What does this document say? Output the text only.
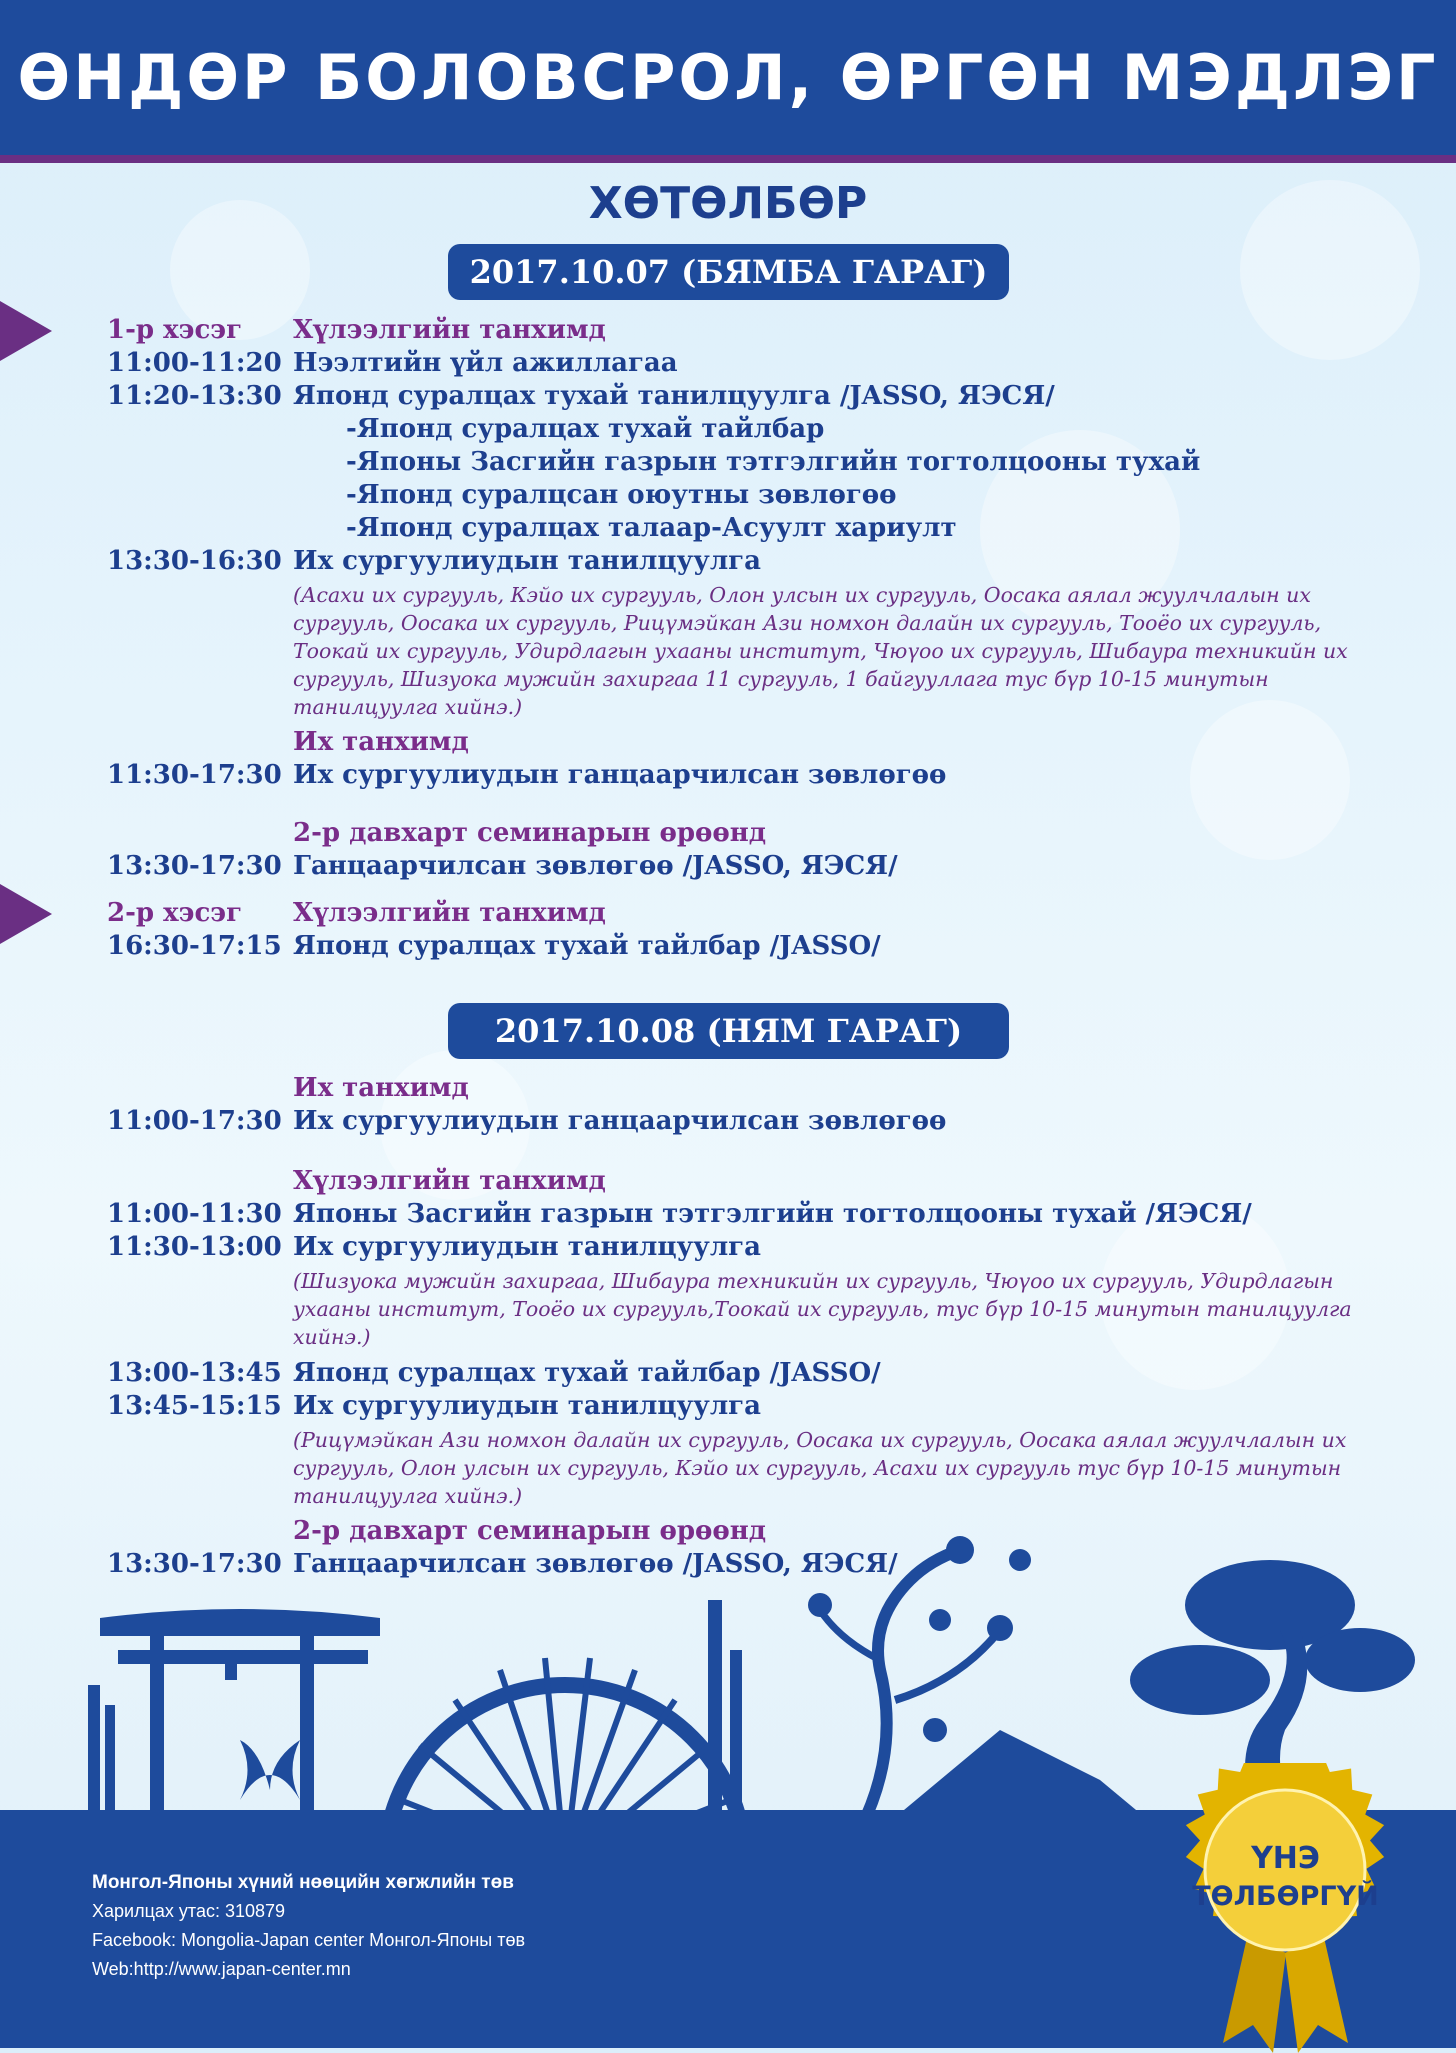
ӨНДӨР БОЛОВСРОЛ, ӨРГӨН МЭДЛЭГ
ХӨТӨЛБӨР
2017.10.07 (БЯМБА ГАРАГ)
1-р хэсэг Хүлээлгийн танхимд
11:00-11:20 Нээлтийн үйл ажиллагаа
11:20-13:30 Японд суралцах тухай танилцуулга /JASSO, ЯЭСЯ/
-Японд суралцах тухай тайлбар
-Японы Засгийн газрын тэтгэлгийн тогтолцооны тухай
-Японд суралцсан оюутны зөвлөгөө
-Японд суралцах талаар-Асуулт хариулт
13:30-16:30 Их сургуулиудын танилцуулга
(Асахи их сургууль, Кэйо их сургууль, Олон улсын их сургууль, Оосака аялал жуулчлалын их сургууль, Оосака их сургууль, Рицүмэйкан Ази номхон далайн их сургууль, Тооёо их сургууль, Тоокай их сургууль, Удирдлагын ухааны институт, Чюүоо их сургууль, Шибаура техникийн их сургууль, Шизуока мужийн захиргаа 11 сургууль, 1 байгууллага тус бүр 10-15 минутын танилцуулга хийнэ.)
Их танхимд
11:30-17:30 Их сургуулиудын ганцаарчилсан зөвлөгөө
2-р давхарт семинарын өрөөнд
13:30-17:30 Ганцаарчилсан зөвлөгөө /JASSO, ЯЭСЯ/
2-р хэсэг Хүлээлгийн танхимд
16:30-17:15 Японд суралцах тухай тайлбар /JASSO/
2017.10.08 (НЯМ ГАРАГ)
Их танхимд
11:00-17:30 Их сургуулиудын ганцаарчилсан зөвлөгөө
Хүлээлгийн танхимд
11:00-11:30 Японы Засгийн газрын тэтгэлгийн тогтолцооны тухай /ЯЭСЯ/
11:30-13:00 Их сургуулиудын танилцуулга
(Шизуока мужийн захиргаа, Шибаура техникийн их сургууль, Чюүоо их сургууль, Удирдлагын ухааны институт, Тооёо их сургууль,Тоокай их сургууль, тус бүр 10-15 минутын танилцуулга хийнэ.)
13:00-13:45 Японд суралцах тухай тайлбар /JASSO/
13:45-15:15 Их сургуулиудын танилцуулга
(Рицүмэйкан Ази номхон далайн их сургууль, Оосака их сургууль, Оосака аялал жуулчлалын их сургууль, Олон улсын их сургууль, Кэйо их сургууль, Асахи их сургууль тус бүр 10-15 минутын танилцуулга хийнэ.)
2-р давхарт семинарын өрөөнд
13:30-17:30 Ганцаарчилсан зөвлөгөө /JASSO, ЯЭСЯ/
Монгол-Японы хүний нөөцийн хөгжлийн төв
Харилцах утас: 310879
Facebook: Mongolia-Japan center Монгол-Японы төв
Web:http://www.japan-center.mn
ҮНЭ
ТӨЛБӨРГҮЙ
